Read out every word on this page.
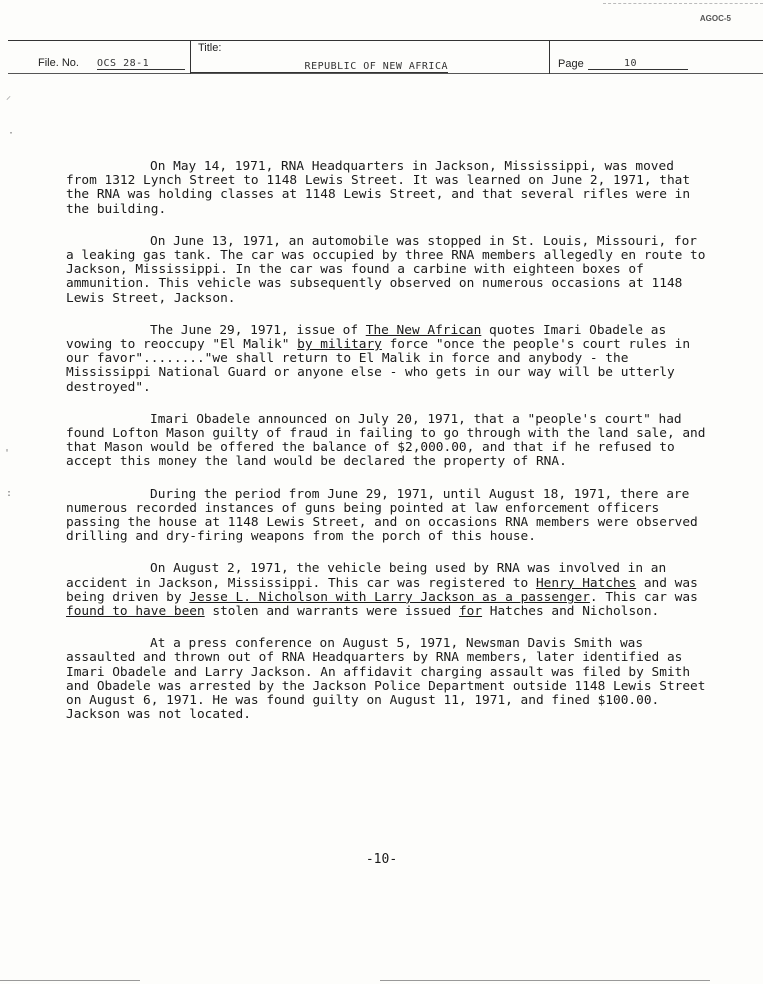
AGOC-5
File. No. OCS 28-1
Title:
REPUBLIC OF NEW AFRICA	Page	10
⸝
·
'
:

On May 14, 1971, RNA Headquarters in Jackson, Mississippi, was moved from 1312 Lynch Street to 1148 Lewis Street. It was learned on June 2, 1971, that the RNA was holding classes at 1148 Lewis Street, and that several rifles were in the building.

On June 13, 1971, an automobile was stopped in St. Louis, Missouri, for a leaking gas tank. The car was occupied by three RNA members allegedly en route to Jackson, Mississippi. In the car was found a carbine with eighteen boxes of ammunition. This vehicle was subsequently observed on numerous occasions at 1148 Lewis Street, Jackson.

The June 29, 1971, issue of The New African quotes Imari Obadele as vowing to reoccupy "El Malik" by military force "once the people's court rules in our favor"........"we shall return to El Malik in force and anybody - the Mississippi National Guard or anyone else - who gets in our way will be utterly destroyed".

Imari Obadele announced on July 20, 1971, that a "people's court" had found Lofton Mason guilty of fraud in failing to go through with the land sale, and that Mason would be offered the balance of $2,000.00, and that if he refused to accept this money the land would be declared the property of RNA.

During the period from June 29, 1971, until August 18, 1971, there are numerous recorded instances of guns being pointed at law enforcement officers passing the house at 1148 Lewis Street, and on occasions RNA members were observed drilling and dry-firing weapons from the porch of this house.

On August 2, 1971, the vehicle being used by RNA was involved in an accident in Jackson, Mississippi. This car was registered to Henry Hatches and was being driven by Jesse L. Nicholson with Larry Jackson as a passenger. This car was found to have been stolen and warrants were issued for Hatches and Nicholson.

At a press conference on August 5, 1971, Newsman Davis Smith was assaulted and thrown out of RNA Headquarters by RNA members, later identified as Imari Obadele and Larry Jackson. An affidavit charging assault was filed by Smith and Obadele was arrested by the Jackson Police Department outside 1148 Lewis Street on August 6, 1971. He was found guilty on August 11, 1971, and fined $100.00. Jackson was not located.

-10-
